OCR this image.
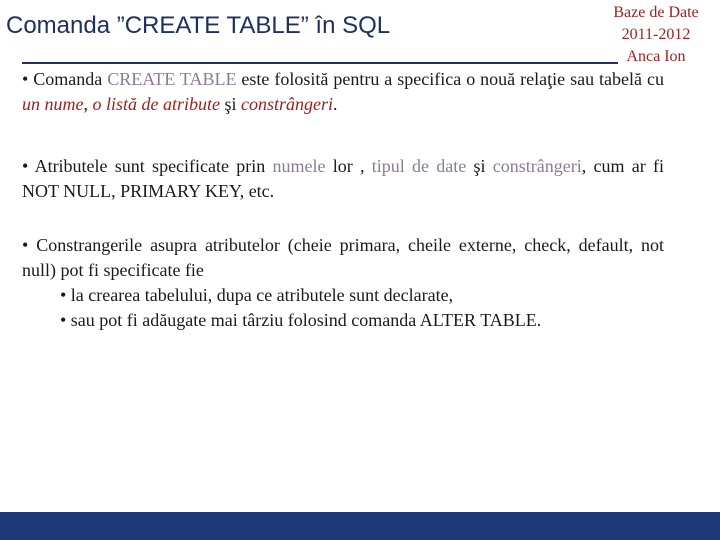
Comanda ”CREATE TABLE” în SQL	Baze de Date
2011-2012
Anca Ion
• Comanda CREATE TABLE este folosită pentru a specifica o nouă relaţie sau tabelă cu un nume, o listă de atribute şi constrângeri.
• Atributele sunt specificate prin numele lor , tipul de date şi constrângeri, cum ar fi NOT NULL, PRIMARY KEY, etc.
• Constrangerile asupra atributelor (cheie primara, cheile externe, check, default, not null) pot fi specificate fie
• la crearea tabelului, dupa ce atributele sunt declarate,
• sau pot fi adăugate mai târziu folosind comanda ALTER TABLE.
